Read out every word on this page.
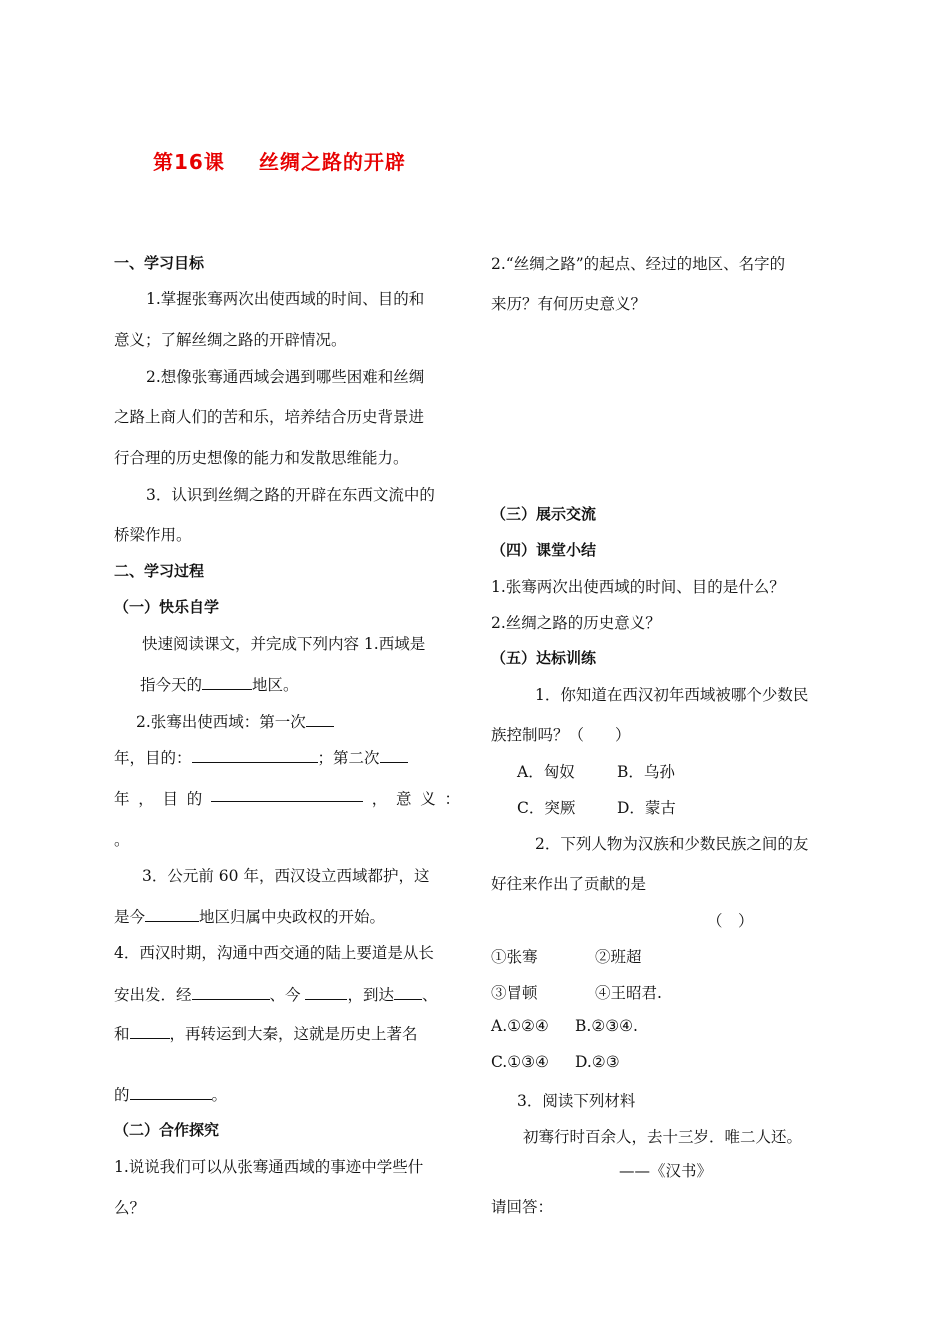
第16课 丝绸之路的开辟
一、学习目标
1.掌握张骞两次出使西域的时间、目的和
意义；了解丝绸之路的开辟情况。
2.想像张骞通西域会遇到哪些困难和丝绸
之路上商人们的苦和乐，培养结合历史背景进
行合理的历史想像的能力和发散思维能力。
3．认识到丝绸之路的开辟在东西文流中的
桥梁作用。
二、学习过程
（一）快乐自学
快速阅读课文，并完成下列内容 1.西域是
指今天的	地区。
2.张骞出使西域：第一次
年，目的：	；第二次
年 ， 目 的	， 意 义 ：
。
3．公元前 60 年，西汉设立西域都护，这
是今	地区归属中央政权的开始。
4．西汉时期，沟通中西交通的陆上要道是从长
安出发．经	、今	，到达 、
和	，再转运到大秦，这就是历史上著名
的	。
（二）合作探究
1.说说我们可以从张骞通西域的事迹中学些什
么？
2.“丝绸之路”的起点、经过的地区、名字的
来历？有何历史意义？
（三）展示交流
（四）课堂小结
1.张骞两次出使西域的时间、目的是什么？
2.丝绸之路的历史意义？
（五）达标训练
1．你知道在西汉初年西域被哪个少数民
族控制吗？（　　）
A．匈奴	B．乌孙
C．突厥	D．蒙古
2．下列人物为汉族和少数民族之间的友
好往来作出了贡献的是
（　）
①张骞	②班超
③冒顿	④王昭君.
A.①②④ B.②③④.
C.①③④ D.②③
3．阅读下列材料
初骞行时百余人，去十三岁．唯二人还。
——《汉书》
请回答：
